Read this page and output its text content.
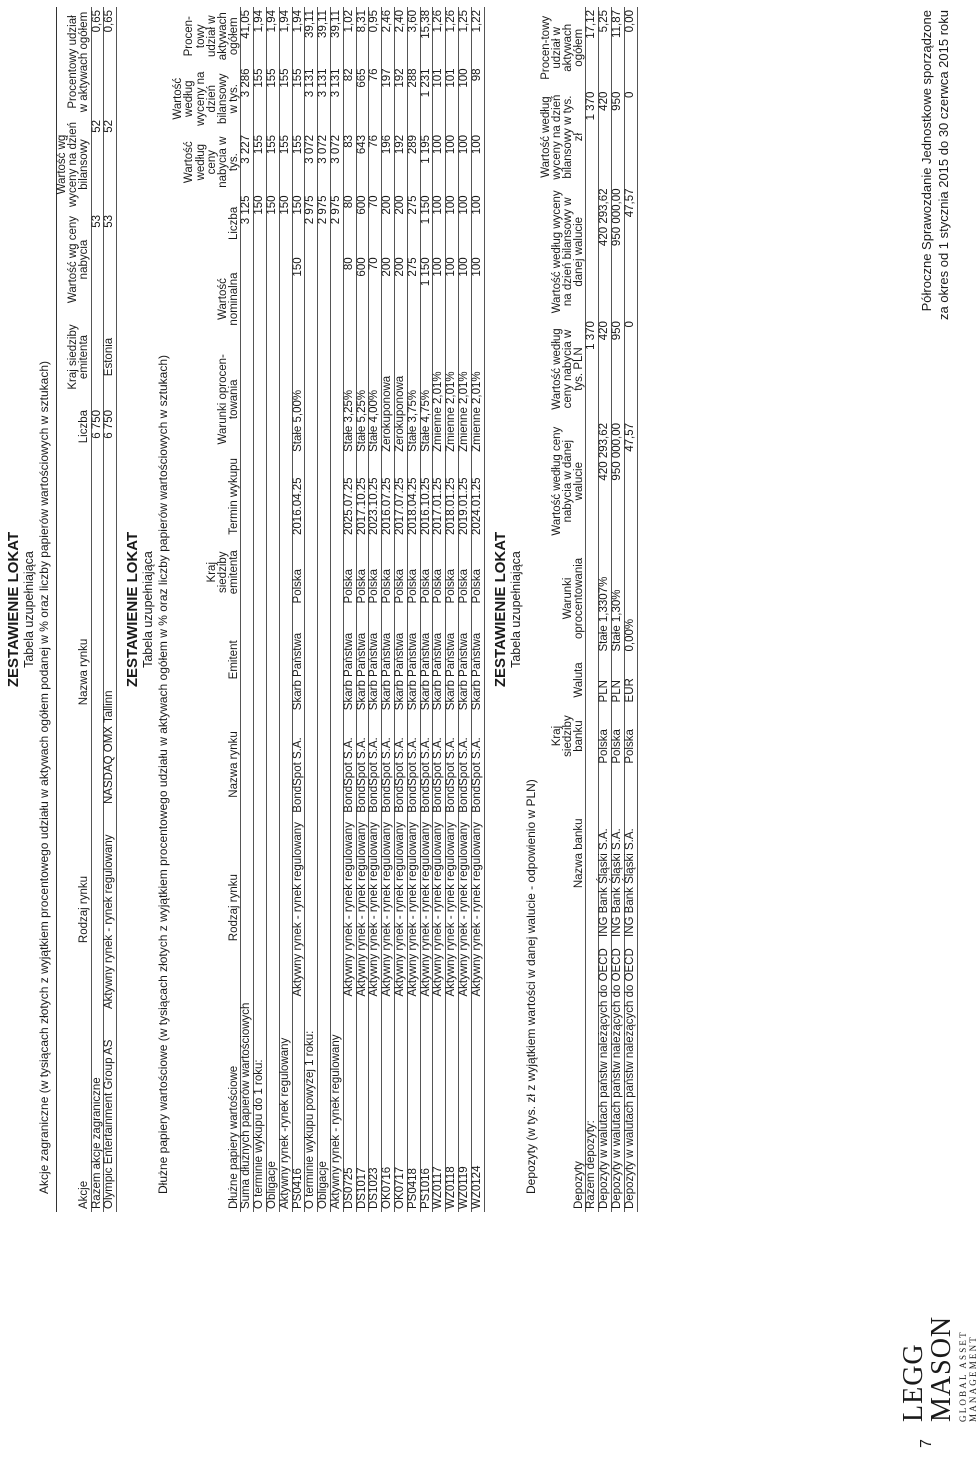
ZESTAWIENIE LOKAT Tabela uzupełniająca Akcje zagraniczne (w tysiącach złotych z wyjątkiem procentowego udziału w aktywach ogółem podanej w % oraz liczby papierów wartościowych w sztukach)
Akcje	Rodzaj rynku	Nazwa rynku	Liczba	Kraj siedziby emitenta	Wartość wg ceny nabycia	Wartość wg wyceny na dzień bilansowy	Procentowy udział w aktywach ogółem
Razem akcje zagraniczne			6 750		53	52	0,65
Olympic Entertainment Group AS	Aktywny rynek - rynek regulowany	NASDAQ OMX Tallinn	6 750	Estonia	53	52	0,65
ZESTAWIENIE LOKAT Tabela uzupełniająca Dłużne papiery wartościowe (w tysiącach złotych z wyjątkiem procentowego udziału w aktywach ogółem w % oraz liczby papierów wartościowych w sztukach)	Dłużne papiery wartościowe	Rodzaj rynku	Nazwa rynku	Emitent	Kraj siedziby emitenta	Termin wykupu	Warunki oprocen-towania	Wartość nominalna	Liczba	Wartość według ceny nabycia w tys.	Wartość według wyceny na dzień bilansowy w tys.	Procen-towy udział w aktywach ogółem
Suma dłużnych papierów wartościowych								3 125	3 227	3 286	41,05
O terminie wykupu do 1 roku:								150	155	155	1,94
Obligacje								150	155	155	1,94
Aktywny rynek -rynek regulowany								150	155	155	1,94
PS0416	Aktywny rynek - rynek regulowany	BondSpot S.A.	Skarb Państwa	Polska	2016.04.25	Stałe 5,00%	150	150	155	155	1,94
O terminie wykupu powyżej 1 roku:								2 975	3 072	3 131	39,11
Obligacje								2 975	3 072	3 131	39,11
Aktywny rynek - rynek regulowany								2 975	3 072	3 131	39,11
DS0725	Aktywny rynek - rynek regulowany	BondSpot S.A.	Skarb Państwa	Polska	2025.07.25	Stałe 3,25%	80	80	83	82	1,02
DS1017	Aktywny rynek - rynek regulowany	BondSpot S.A.	Skarb Państwa	Polska	2017.10.25	Stałe 5,25%	600	600	643	665	8,31
DS1023	Aktywny rynek - rynek regulowany	BondSpot S.A.	Skarb Państwa	Polska	2023.10.25	Stałe 4,00%	70	70	76	76	0,95
OK0716	Aktywny rynek - rynek regulowany	BondSpot S.A.	Skarb Państwa	Polska	2016.07.25	Zerokuponowa	200	200	196	197	2,46
OK0717	Aktywny rynek - rynek regulowany	BondSpot S.A.	Skarb Państwa	Polska	2017.07.25	Zerokuponowa	200	200	192	192	2,40
PS0418	Aktywny rynek - rynek regulowany	BondSpot S.A.	Skarb Państwa	Polska	2018.04.25	Stałe 3,75%	275	275	289	288	3,60
PS1016	Aktywny rynek - rynek regulowany	BondSpot S.A.	Skarb Państwa	Polska	2016.10.25	Stałe 4,75%	1 150	1 150	1 195	1 231	15,38
WZ0117	Aktywny rynek - rynek regulowany	BondSpot S.A.	Skarb Państwa	Polska	2017.01.25	Zmienne 2,01%	100	100	100	101	1,26
WZ0118	Aktywny rynek - rynek regulowany	BondSpot S.A.	Skarb Państwa	Polska	2018.01.25	Zmienne 2,01%	100	100	100	101	1,26
WZ0119	Aktywny rynek - rynek regulowany	BondSpot S.A.	Skarb Państwa	Polska	2019.01.25	Zmienne 2,01%	100	100	100	100	1,25
WZ0124	Aktywny rynek - rynek regulowany	BondSpot S.A.	Skarb Państwa	Polska	2024.01.25	Zmienne 2,01%	100	100	100	98	1,22
ZESTAWIENIE LOKAT Tabela uzupełniająca
Depozyty (w tys. zł z wyjątkiem wartości w danej walucie - odpowienio w PLN)	Depozyty	Nazwa banku	Kraj siedziby banku	Waluta	Warunki oprocentowania	Wartość według ceny nabycia w danej walucie	Wartość według ceny nabycia w tys. PLN	Wartość według wyceny na dzień bilansowy w danej walucie	Wartość według wyceny na dzień bilansowy w tys. zł	Procen-towy udział w aktywach ogółem
Razem depozyty:						1 370		1 370	17,12
Depozyty w walutach państw należących do OECD	ING Bank Śląski S.A.	Polska	PLN	Stałe 1,3307%	420 293,62	420	420 293,62	420	5,25
Depozyty w walutach państw należących do OECD	ING Bank Śląski S.A.	Polska	PLN	Stałe 1,30%	950 000,00	950	950 000,00	950	11,87
Depozyty w walutach państw należących do OECD	ING Bank Śląski S.A.	Polska	EUR	0,00%	47,57	0	47,57	0	0,00
7
LEGG MASON GLOBAL ASSET MANAGEMENT
Półroczne Sprawozdanie Jednostkowe sporządzone za okres od 1 stycznia 2015 do 30 czerwca 2015 roku
